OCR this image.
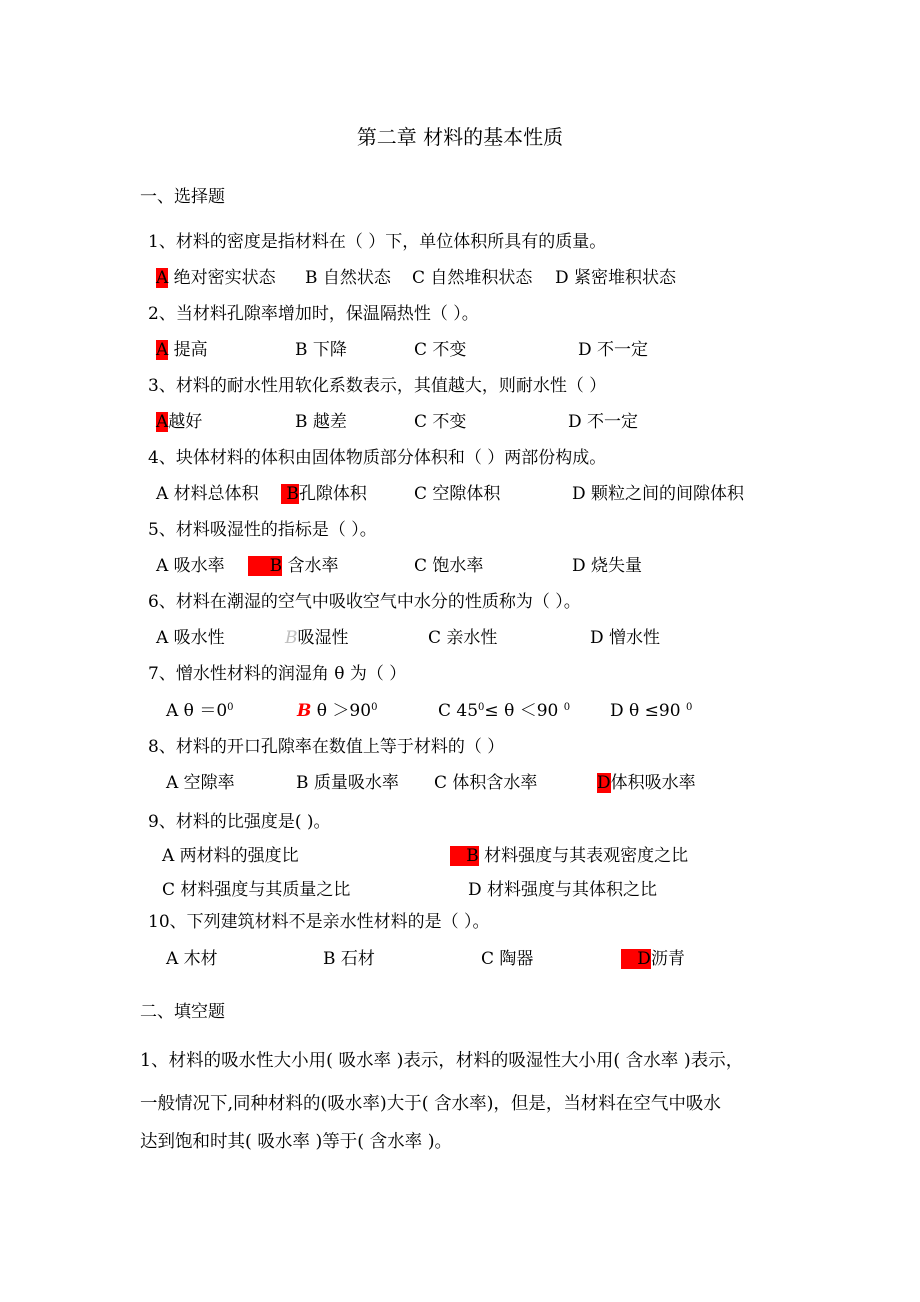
第二章 材料的基本性质
一、选择题
1、材料的密度是指材料在（ ）下，单位体积所具有的质量。
A 绝对密实状态 B 自然状态 C 自然堆积状态 D 紧密堆积状态
2、当材料孔隙率增加时，保温隔热性（ ）。
A 提高	B 下降	C 不变	D 不一定
3、材料的耐水性用软化系数表示，其值越大，则耐水性（ ）
A越好	B 越差	C 不变	D 不一定
4、块体材料的体积由固体物质部分体积和（ ）两部份构成。
A 材料总体积	B孔隙体积	C 空隙体积	D 颗粒之间的间隙体积
5、材料吸湿性的指标是（ ）。
A 吸水率	B 含水率	C 饱水率	D 烧失量
6、材料在潮湿的空气中吸收空气中水分的性质称为（ ）。
A 吸水性	B吸湿性	C 亲水性	D 憎水性
7、憎水性材料的润湿角 θ 为（ ）
A $\theta =0^0$	B $\theta >90^0$	C $45^0\le \theta <90$ $^0$ D θ ≤90 $^0$
8、材料的开口孔隙率在数值上等于材料的（ ）
A 空隙率	B 质量吸水率 C 体积含水率	D体积吸水率
9、材料的比强度是( )。
A 两材料的强度比	B 材料强度与其表观密度之比
C 材料强度与其质量之比	D 材料强度与其体积之比
10、下列建筑材料不是亲水性材料的是（ ）。
A 木材	B 石材	C 陶器	D沥青
二、填空题
1、材料的吸水性大小用( 吸水率 )表示，材料的吸湿性大小用( 含水率 )表示，
一般情况下,同种材料的(吸水率)大于( 含水率)，但是，当材料在空气中吸水
达到饱和时其( 吸水率 )等于( 含水率 )。
